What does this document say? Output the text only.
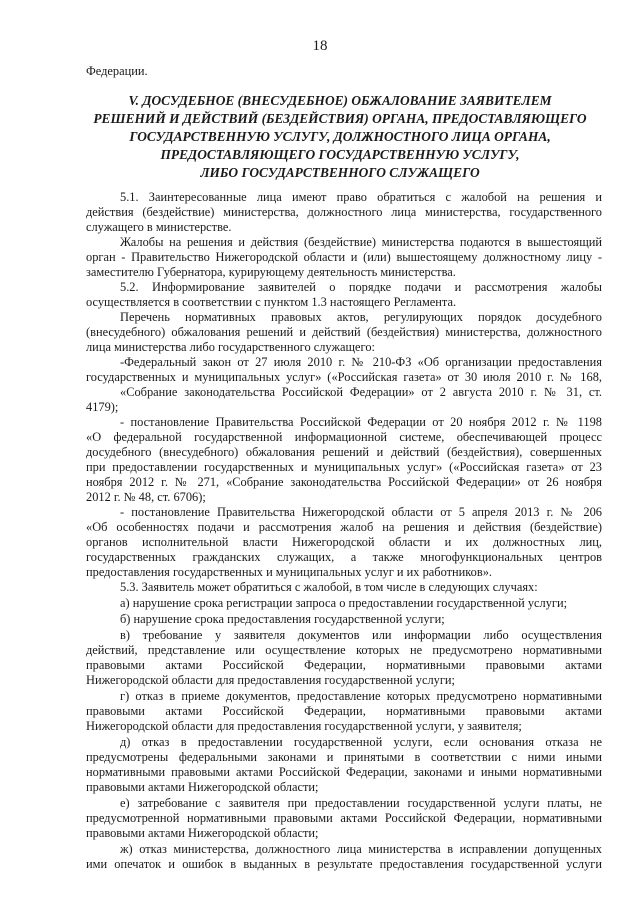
18
Федерации.
V. ДОСУДЕБНОЕ (ВНЕСУДЕБНОЕ) ОБЖАЛОВАНИЕ ЗАЯВИТЕЛЕМ
РЕШЕНИЙ И ДЕЙСТВИЙ (БЕЗДЕЙСТВИЯ) ОРГАНА, ПРЕДОСТАВЛЯЮЩЕГО
ГОСУДАРСТВЕННУЮ УСЛУГУ, ДОЛЖНОСТНОГО ЛИЦА ОРГАНА,
ПРЕДОСТАВЛЯЮЩЕГО ГОСУДАРСТВЕННУЮ УСЛУГУ,
ЛИБО ГОСУДАРСТВЕННОГО СЛУЖАЩЕГО
5.1. Заинтересованные лица имеют право обратиться с жалобой на решения и
действия (бездействие) министерства, должностного лица министерства, государственного
служащего в министерстве.
Жалобы на решения и действия (бездействие) министерства подаются в вышестоящий
орган - Правительство Нижегородской области и (или) вышестоящему должностному лицу -
заместителю Губернатора, курирующему деятельность министерства.
5.2. Информирование заявителей о порядке подачи и рассмотрения жалобы
осуществляется в соответствии с пунктом 1.3 настоящего Регламента.
Перечень нормативных правовых актов, регулирующих порядок досудебного
(внесудебного) обжалования решений и действий (бездействия) министерства, должностного
лица министерства либо государственного служащего:
-Федеральный закон от 27 июля 2010 г. № 210-ФЗ «Об организации предоставления
государственных и муниципальных услуг» («Российская газета» от 30 июля 2010 г. № 168,
«Собрание законодательства Российской Федерации» от 2 августа 2010 г. № 31, ст.
4179);
- постановление Правительства Российской Федерации от 20 ноября 2012 г. № 1198
«О федеральной государственной информационной системе, обеспечивающей процесс
досудебного (внесудебного) обжалования решений и действий (бездействия), совершенных
при предоставлении государственных и муниципальных услуг» («Российская газета» от 23
ноября 2012 г. № 271, «Собрание законодательства Российской Федерации» от 26 ноября
2012 г. № 48, ст. 6706);
- постановление Правительства Нижегородской области от 5 апреля 2013 г. № 206
«Об особенностях подачи и рассмотрения жалоб на решения и действия (бездействие)
органов исполнительной власти Нижегородской области и их должностных лиц,
государственных гражданских служащих, а также многофункциональных центров
предоставления государственных и муниципальных услуг и их работников».
5.3. Заявитель может обратиться с жалобой, в том числе в следующих случаях:
а) нарушение срока регистрации запроса о предоставлении государственной услуги;
б) нарушение срока предоставления государственной услуги;
в) требование у заявителя документов или информации либо осуществления
действий, представление или осуществление которых не предусмотрено нормативными
правовыми актами Российской Федерации, нормативными правовыми актами
Нижегородской области для предоставления государственной услуги;
г) отказ в приеме документов, предоставление которых предусмотрено нормативными
правовыми актами Российской Федерации, нормативными правовыми актами
Нижегородской области для предоставления государственной услуги, у заявителя;
д) отказ в предоставлении государственной услуги, если основания отказа не
предусмотрены федеральными законами и принятыми в соответствии с ними иными
нормативными правовыми актами Российской Федерации, законами и иными нормативными
правовыми актами Нижегородской области;
е) затребование с заявителя при предоставлении государственной услуги платы, не
предусмотренной нормативными правовыми актами Российской Федерации, нормативными
правовыми актами Нижегородской области;
ж) отказ министерства, должностного лица министерства в исправлении допущенных
ими опечаток и ошибок в выданных в результате предоставления государственной услуги
